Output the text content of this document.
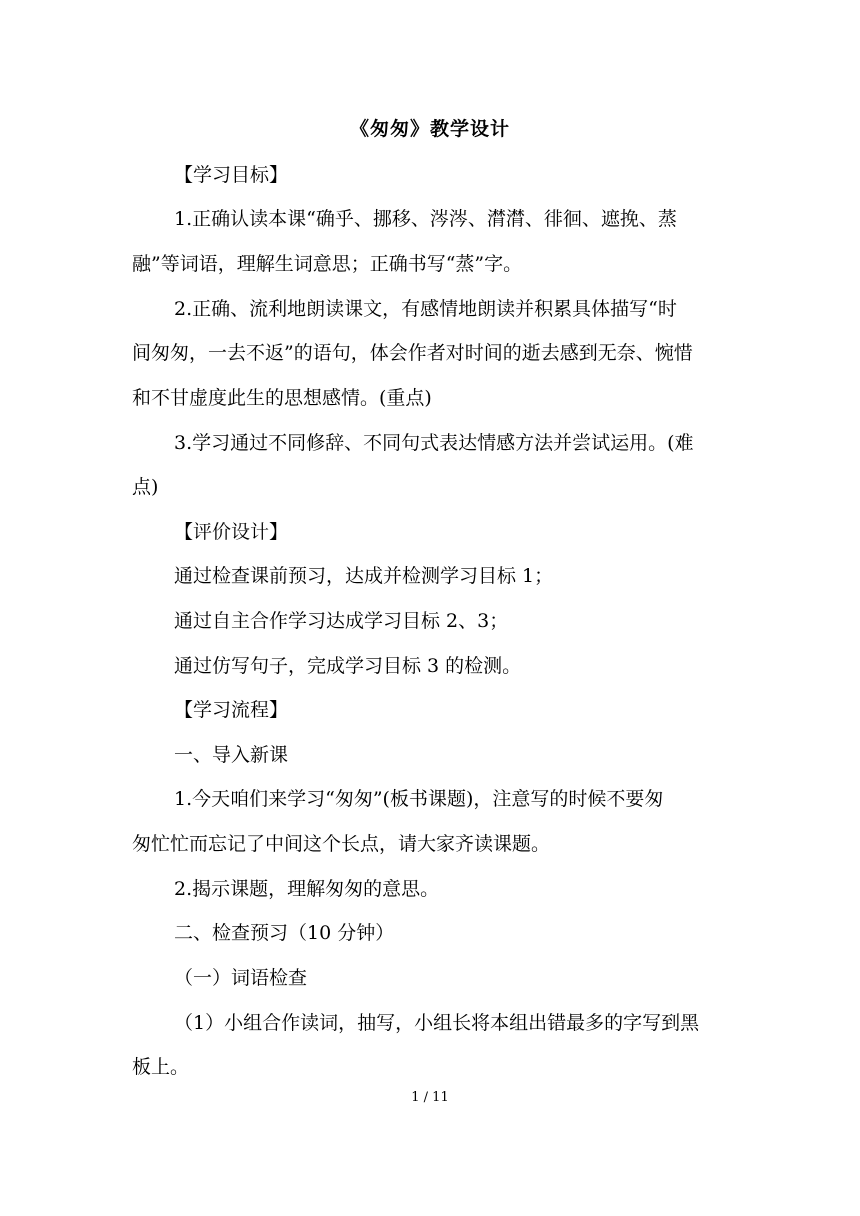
《匆匆》教学设计
【学习目标】
1.正确认读本课“确乎、挪移、涔涔、潸潸、徘徊、遮挽、蒸
融”等词语，理解生词意思；正确书写“蒸”字。
2.正确、流利地朗读课文，有感情地朗读并积累具体描写“时
间匆匆，一去不返”的语句，体会作者对时间的逝去感到无奈、惋惜
和不甘虚度此生的思想感情。(重点)
3.学习通过不同修辞、不同句式表达情感方法并尝试运用。(难
点)
【评价设计】
通过检查课前预习，达成并检测学习目标 1；
通过自主合作学习达成学习目标 2、3；
通过仿写句子，完成学习目标 3 的检测。
【学习流程】
一、导入新课
1.今天咱们来学习“匆匆”(板书课题)，注意写的时候不要匆
匆忙忙而忘记了中间这个长点，请大家齐读课题。
2.揭示课题，理解匆匆的意思。
二、检查预习（10 分钟）
（一）词语检查
（1）小组合作读词，抽写，小组长将本组出错最多的字写到黑
板上。
1 / 11
